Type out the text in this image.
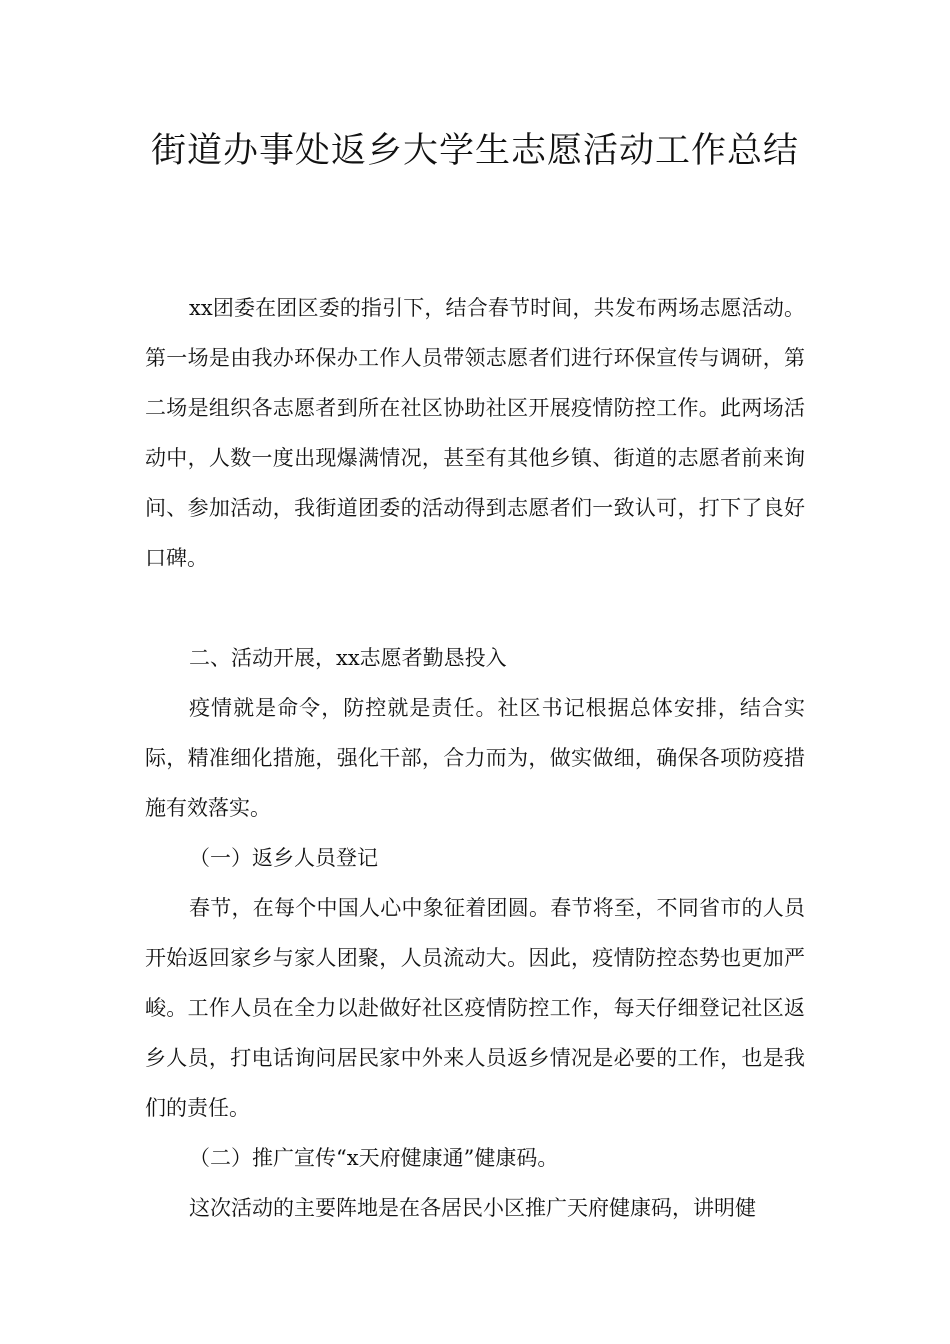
街道办事处返乡大学生志愿活动工作总结

xx团委在团区委的指引下，结合春节时间，共发布两场志愿活动。第一场是由我办环保办工作人员带领志愿者们进行环保宣传与调研，第二场是组织各志愿者到所在社区协助社区开展疫情防控工作。此两场活动中，人数一度出现爆满情况，甚至有其他乡镇、街道的志愿者前来询问、参加活动，我街道团委的活动得到志愿者们一致认可，打下了良好口碑。

二、活动开展，xx志愿者勤恳投入

疫情就是命令，防控就是责任。社区书记根据总体安排，结合实际，精准细化措施，强化干部，合力而为，做实做细，确保各项防疫措施有效落实。

（一）返乡人员登记

春节，在每个中国人心中象征着团圆。春节将至，不同省市的人员开始返回家乡与家人团聚，人员流动大。因此，疫情防控态势也更加严峻。工作人员在全力以赴做好社区疫情防控工作，每天仔细登记社区返乡人员，打电话询问居民家中外来人员返乡情况是必要的工作，也是我们的责任。

（二）推广宣传“x天府健康通”健康码。

这次活动的主要阵地是在各居民小区推广天府健康码，讲明健
